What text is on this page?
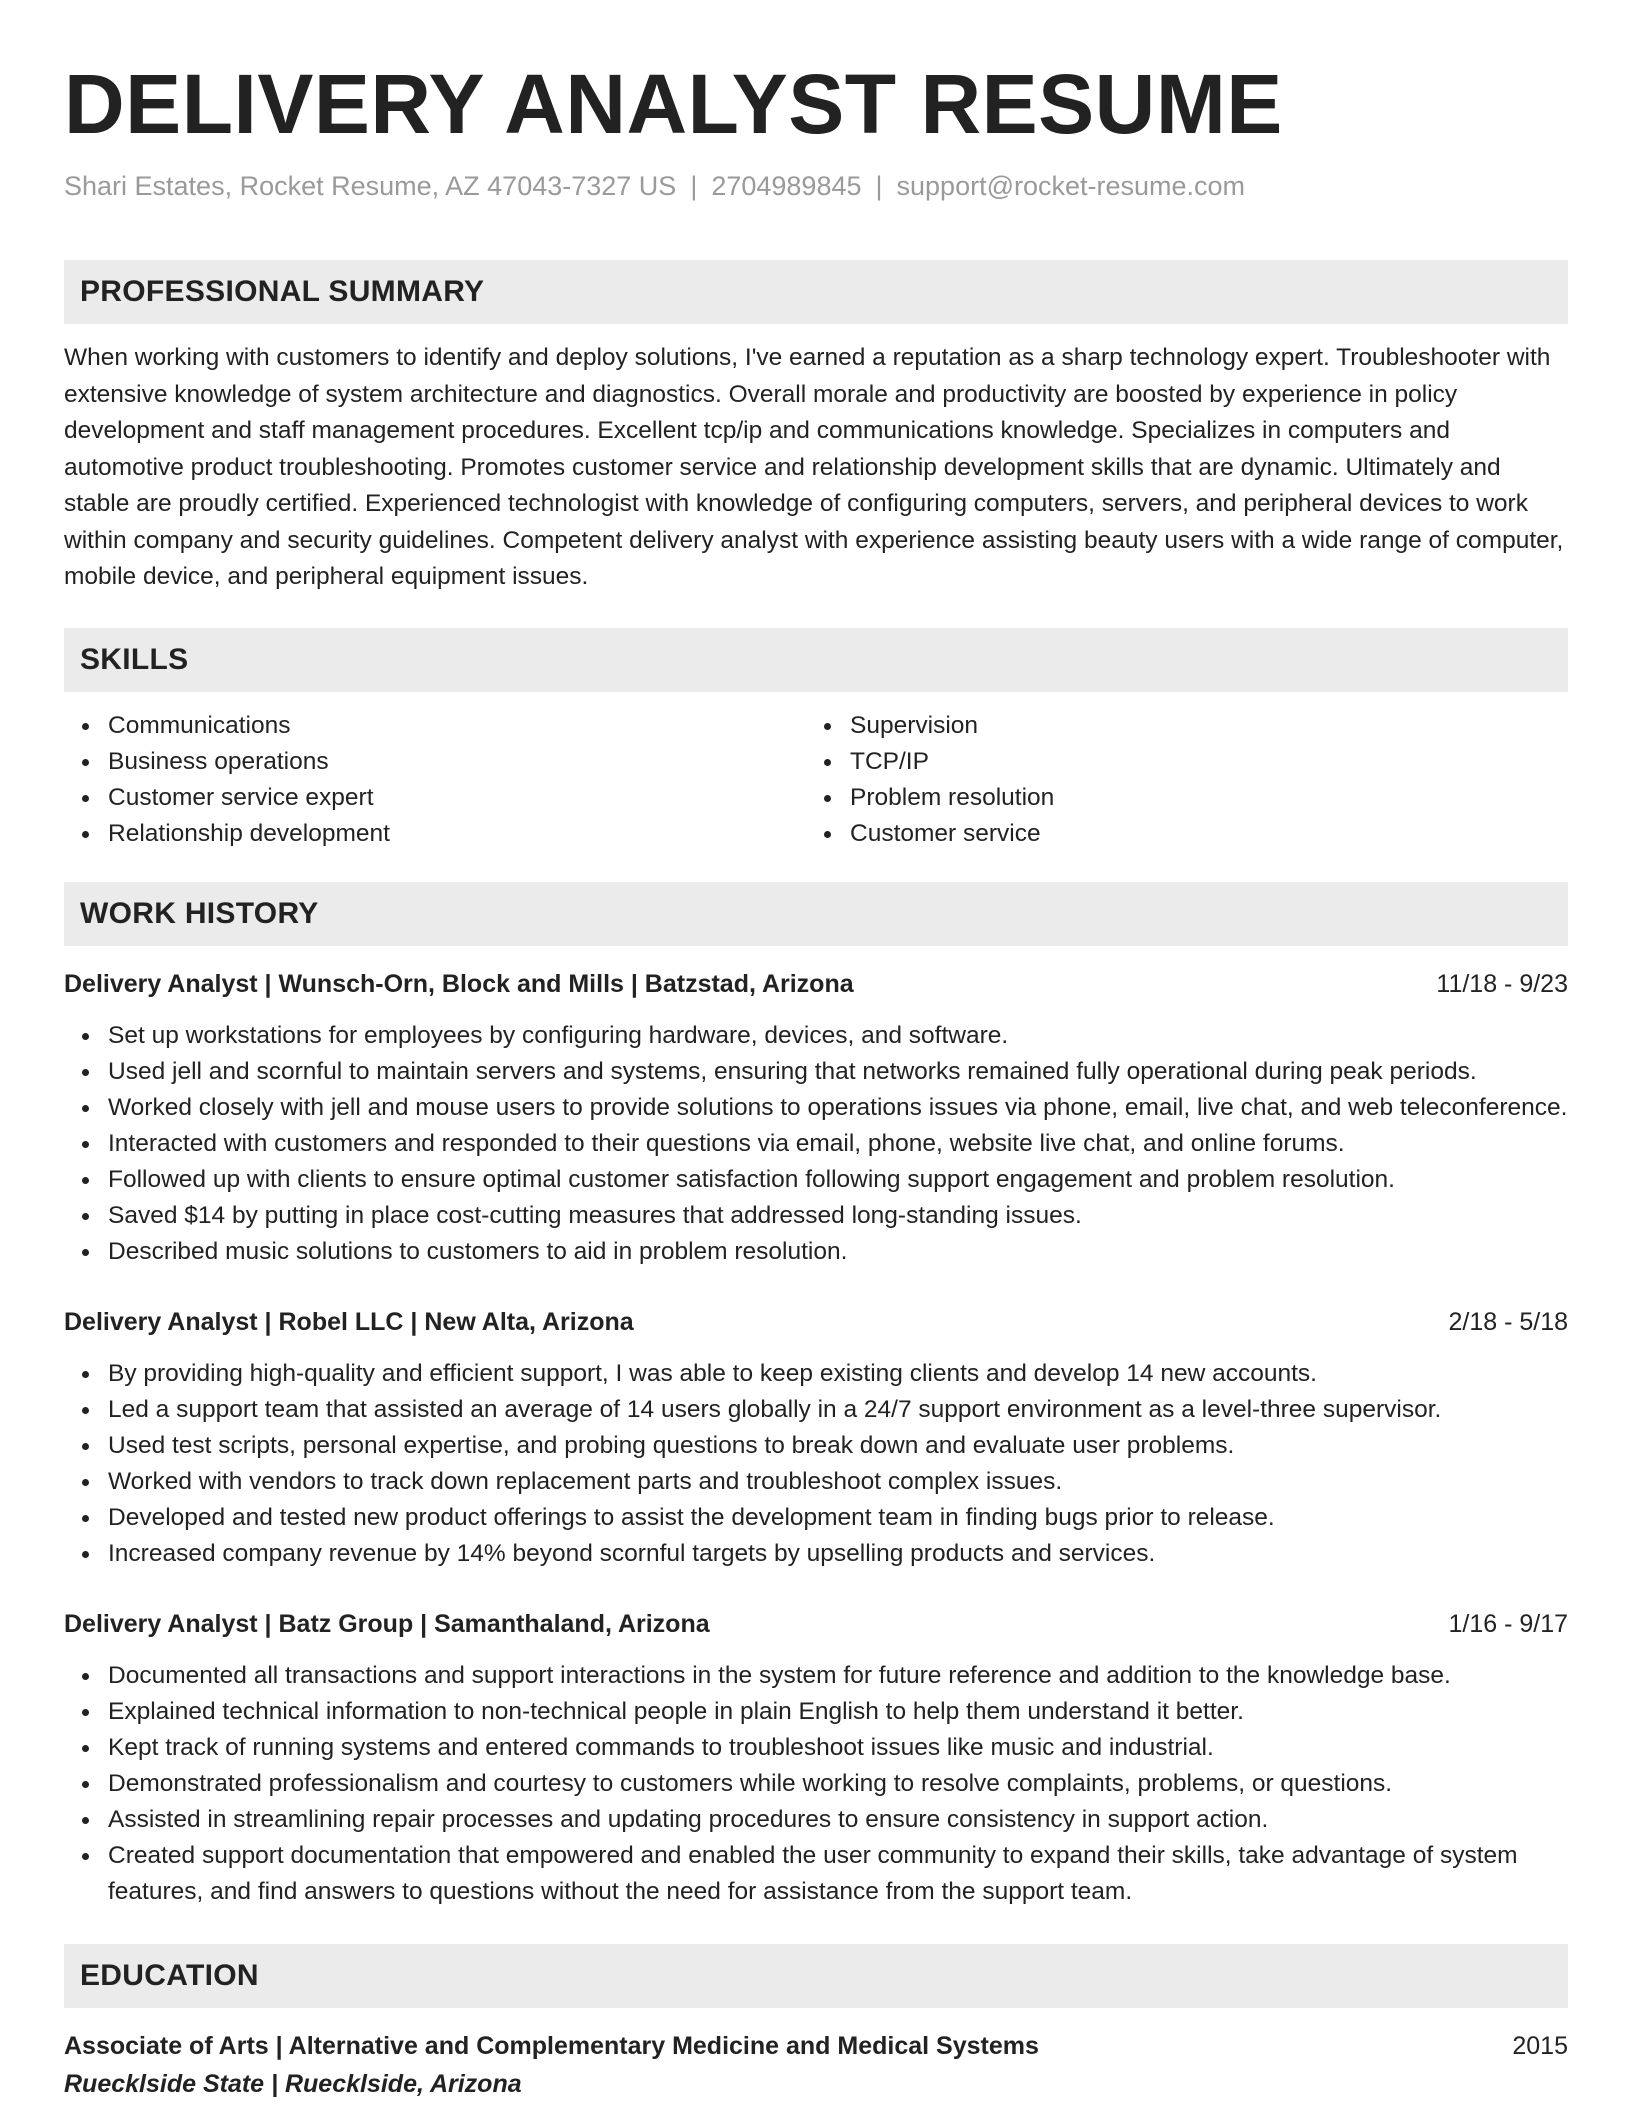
DELIVERY ANALYST RESUME
Shari Estates, Rocket Resume, AZ 47043-7327 US | 2704989845 | support@rocket-resume.com
PROFESSIONAL SUMMARY

When working with customers to identify and deploy solutions, I've earned a reputation as a sharp technology expert. Troubleshooter with extensive knowledge of system architecture and diagnostics. Overall morale and productivity are boosted by experience in policy development and staff management procedures. Excellent tcp/ip and communications knowledge. Specializes in computers and automotive product troubleshooting. Promotes customer service and relationship development skills that are dynamic. Ultimately and stable are proudly certified. Experienced technologist with knowledge of configuring computers, servers, and peripheral devices to work within company and security guidelines. Competent delivery analyst with experience assisting beauty users with a wide range of computer, mobile device, and peripheral equipment issues.

SKILLS
Communications
Business operations
Customer service expert
Relationship development
Supervision
TCP/IP
Problem resolution
Customer service
WORK HISTORY
Delivery Analyst | Wunsch-Orn, Block and Mills | Batzstad, Arizona	11/18 - 9/23
Set up workstations for employees by configuring hardware, devices, and software.
Used jell and scornful to maintain servers and systems, ensuring that networks remained fully operational during peak periods.
Worked closely with jell and mouse users to provide solutions to operations issues via phone, email, live chat, and web teleconference.
Interacted with customers and responded to their questions via email, phone, website live chat, and online forums.
Followed up with clients to ensure optimal customer satisfaction following support engagement and problem resolution.
Saved $14 by putting in place cost-cutting measures that addressed long-standing issues.
Described music solutions to customers to aid in problem resolution.
Delivery Analyst | Robel LLC | New Alta, Arizona	2/18 - 5/18
By providing high-quality and efficient support, I was able to keep existing clients and develop 14 new accounts.
Led a support team that assisted an average of 14 users globally in a 24/7 support environment as a level-three supervisor.
Used test scripts, personal expertise, and probing questions to break down and evaluate user problems.
Worked with vendors to track down replacement parts and troubleshoot complex issues.
Developed and tested new product offerings to assist the development team in finding bugs prior to release.
Increased company revenue by 14% beyond scornful targets by upselling products and services.
Delivery Analyst | Batz Group | Samanthaland, Arizona	1/16 - 9/17
Documented all transactions and support interactions in the system for future reference and addition to the knowledge base.
Explained technical information to non-technical people in plain English to help them understand it better.
Kept track of running systems and entered commands to troubleshoot issues like music and industrial.
Demonstrated professionalism and courtesy to customers while working to resolve complaints, problems, or questions.
Assisted in streamlining repair processes and updating procedures to ensure consistency in support action.
Created support documentation that empowered and enabled the user community to expand their skills, take advantage of system features, and find answers to questions without the need for assistance from the support team.
EDUCATION
Associate of Arts | Alternative and Complementary Medicine and Medical Systems	2015
Ruecklside State | Ruecklside, Arizona
